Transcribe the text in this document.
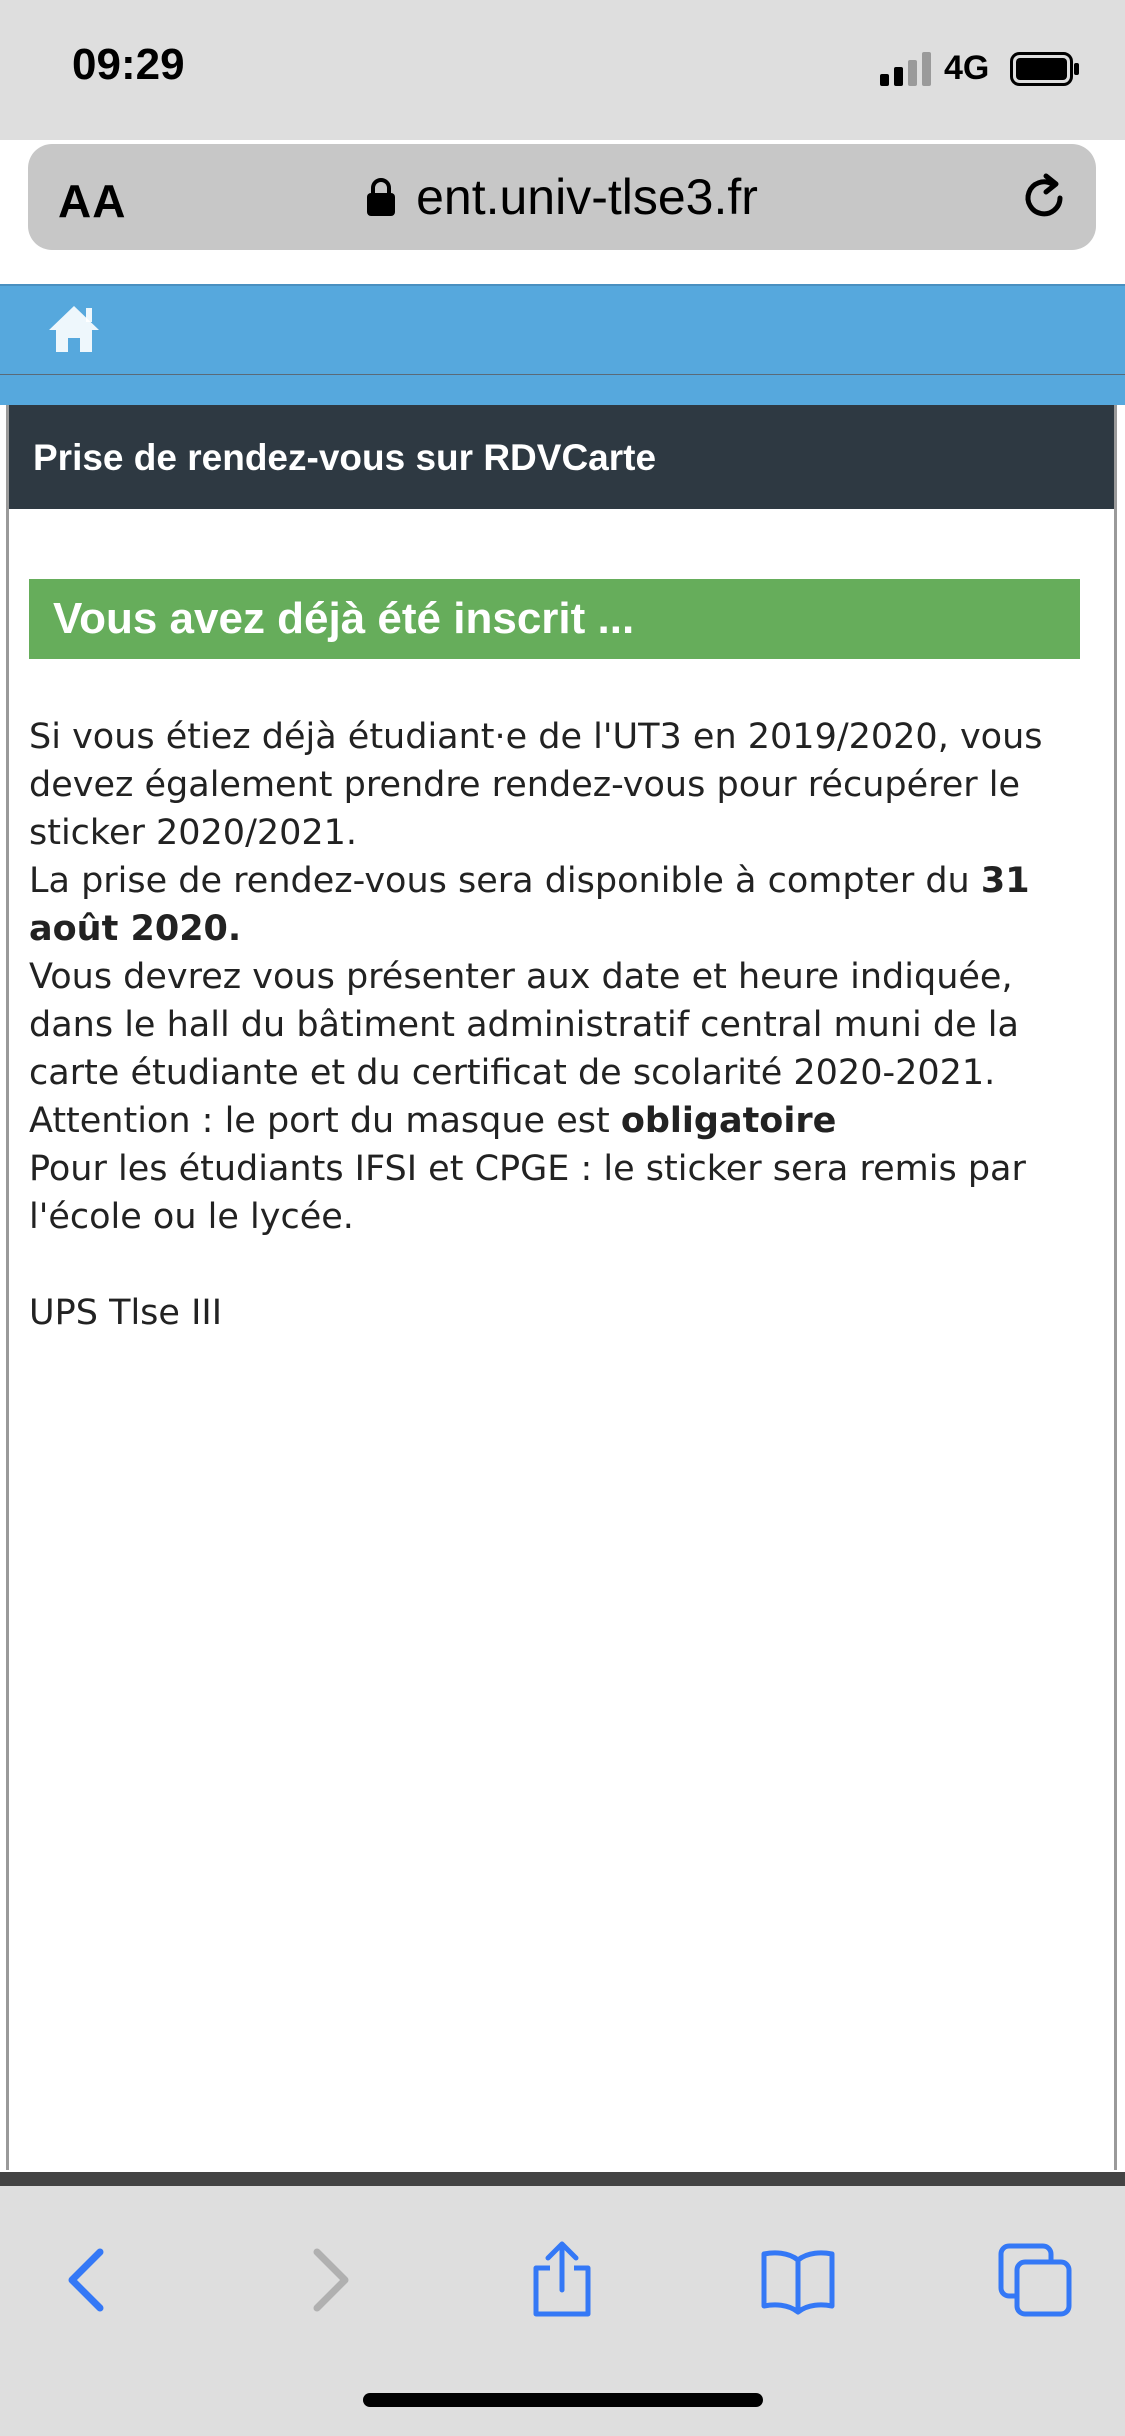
09:29	4G
AA	ent.univ-tlse3.fr
Prise de rendez-vous sur RDVCarte
Vous avez déjà été inscrit ...

Si vous étiez déjà étudiant·e de l'UT3 en 2019/2020, vous devez également prendre rendez-vous pour récupérer le sticker 2020/2021.

La prise de rendez-vous sera disponible à compter du 31 août 2020.

Vous devrez vous présenter aux date et heure indiquée, dans le hall du bâtiment administratif central muni de la carte étudiante et du certificat de scolarité 2020-2021.

Attention : le port du masque est obligatoire

Pour les étudiants IFSI et CPGE : le sticker sera remis par l'école ou le lycée.

UPS Tlse III
